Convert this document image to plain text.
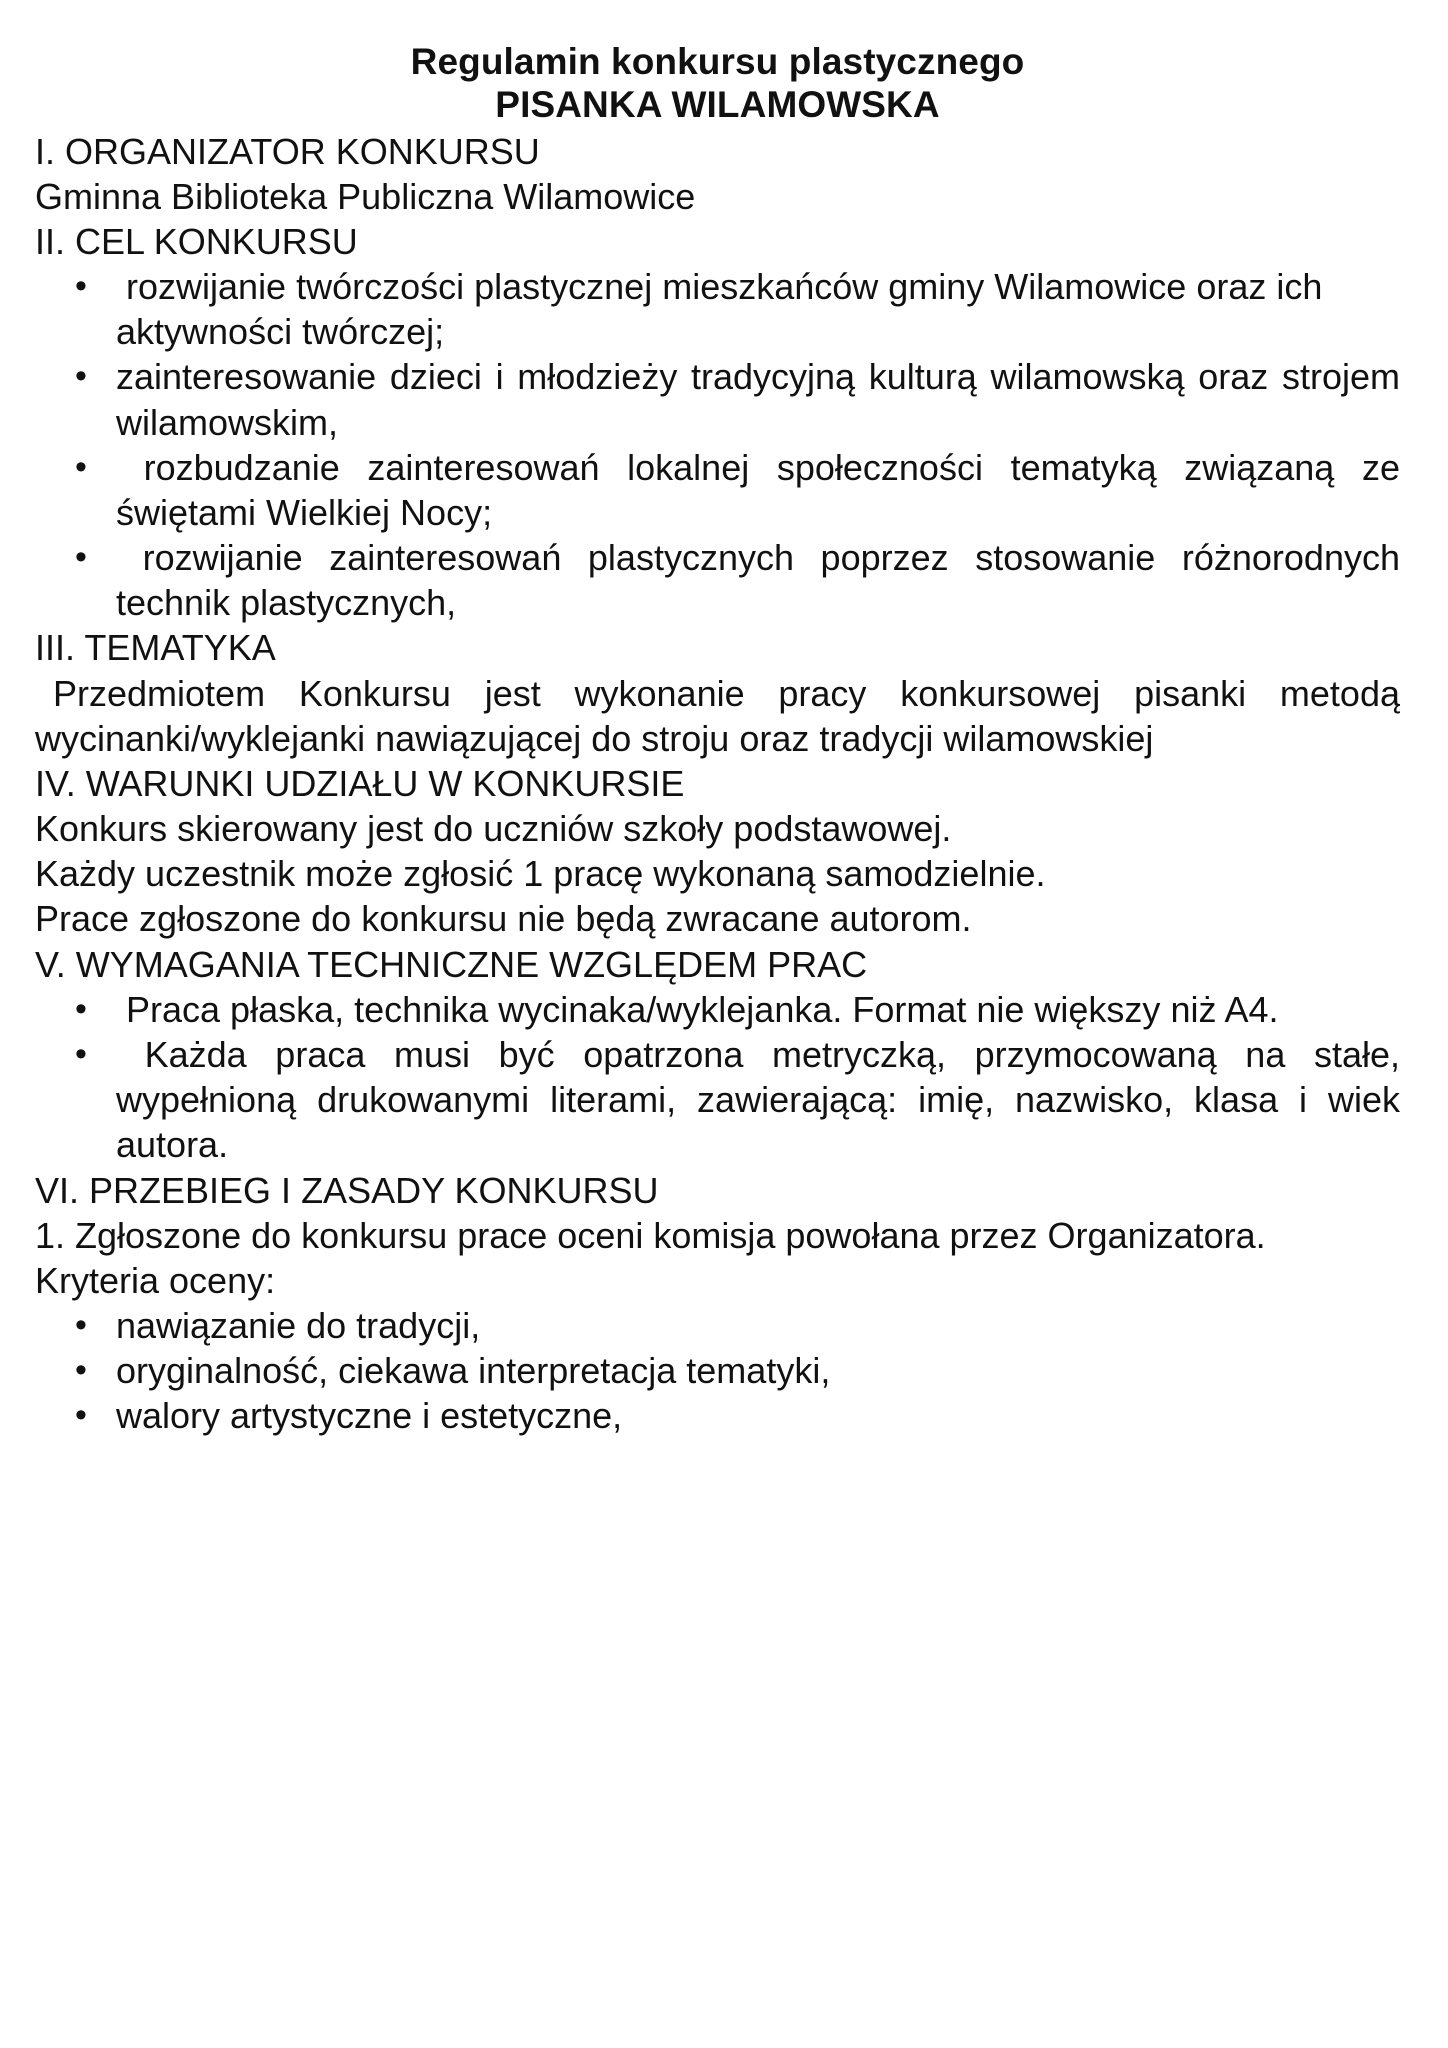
Regulamin konkursu plastycznego
PISANKA WILAMOWSKA

I. ORGANIZATOR KONKURSU

Gminna Biblioteka Publiczna Wilamowice

II. CEL KONKURSU

• rozwijanie twórczości plastycznej mieszkańców gminy Wilamowice oraz ich aktywności twórczej;
• zainteresowanie dzieci i młodzieży tradycyjną kulturą wilamowską oraz strojem wilamowskim,
• rozbudzanie zainteresowań lokalnej społeczności tematyką związaną ze świętami Wielkiej Nocy;
• rozwijanie zainteresowań plastycznych poprzez stosowanie różnorodnych technik plastycznych,

III. TEMATYKA

Przedmiotem Konkursu jest wykonanie pracy konkursowej pisanki metodą wycinanki/wyklejanki nawiązującej do stroju oraz tradycji wilamowskiej

IV. WARUNKI UDZIAŁU W KONKURSIE

Konkurs skierowany jest do uczniów szkoły podstawowej.

Każdy uczestnik może zgłosić 1 pracę wykonaną samodzielnie.

Prace zgłoszone do konkursu nie będą zwracane autorom.

V. WYMAGANIA TECHNICZNE WZGLĘDEM PRAC

• Praca płaska, technika wycinaka/wyklejanka. Format nie większy niż A4.
• Każda praca musi być opatrzona metryczką, przymocowaną na stałe, wypełnioną drukowanymi literami, zawierającą: imię, nazwisko, klasa i wiek autora.

VI. PRZEBIEG I ZASADY KONKURSU

1. Zgłoszone do konkursu prace oceni komisja powołana przez Organizatora.

Kryteria oceny:

• nawiązanie do tradycji,
• oryginalność, ciekawa interpretacja tematyki,
• walory artystyczne i estetyczne,
